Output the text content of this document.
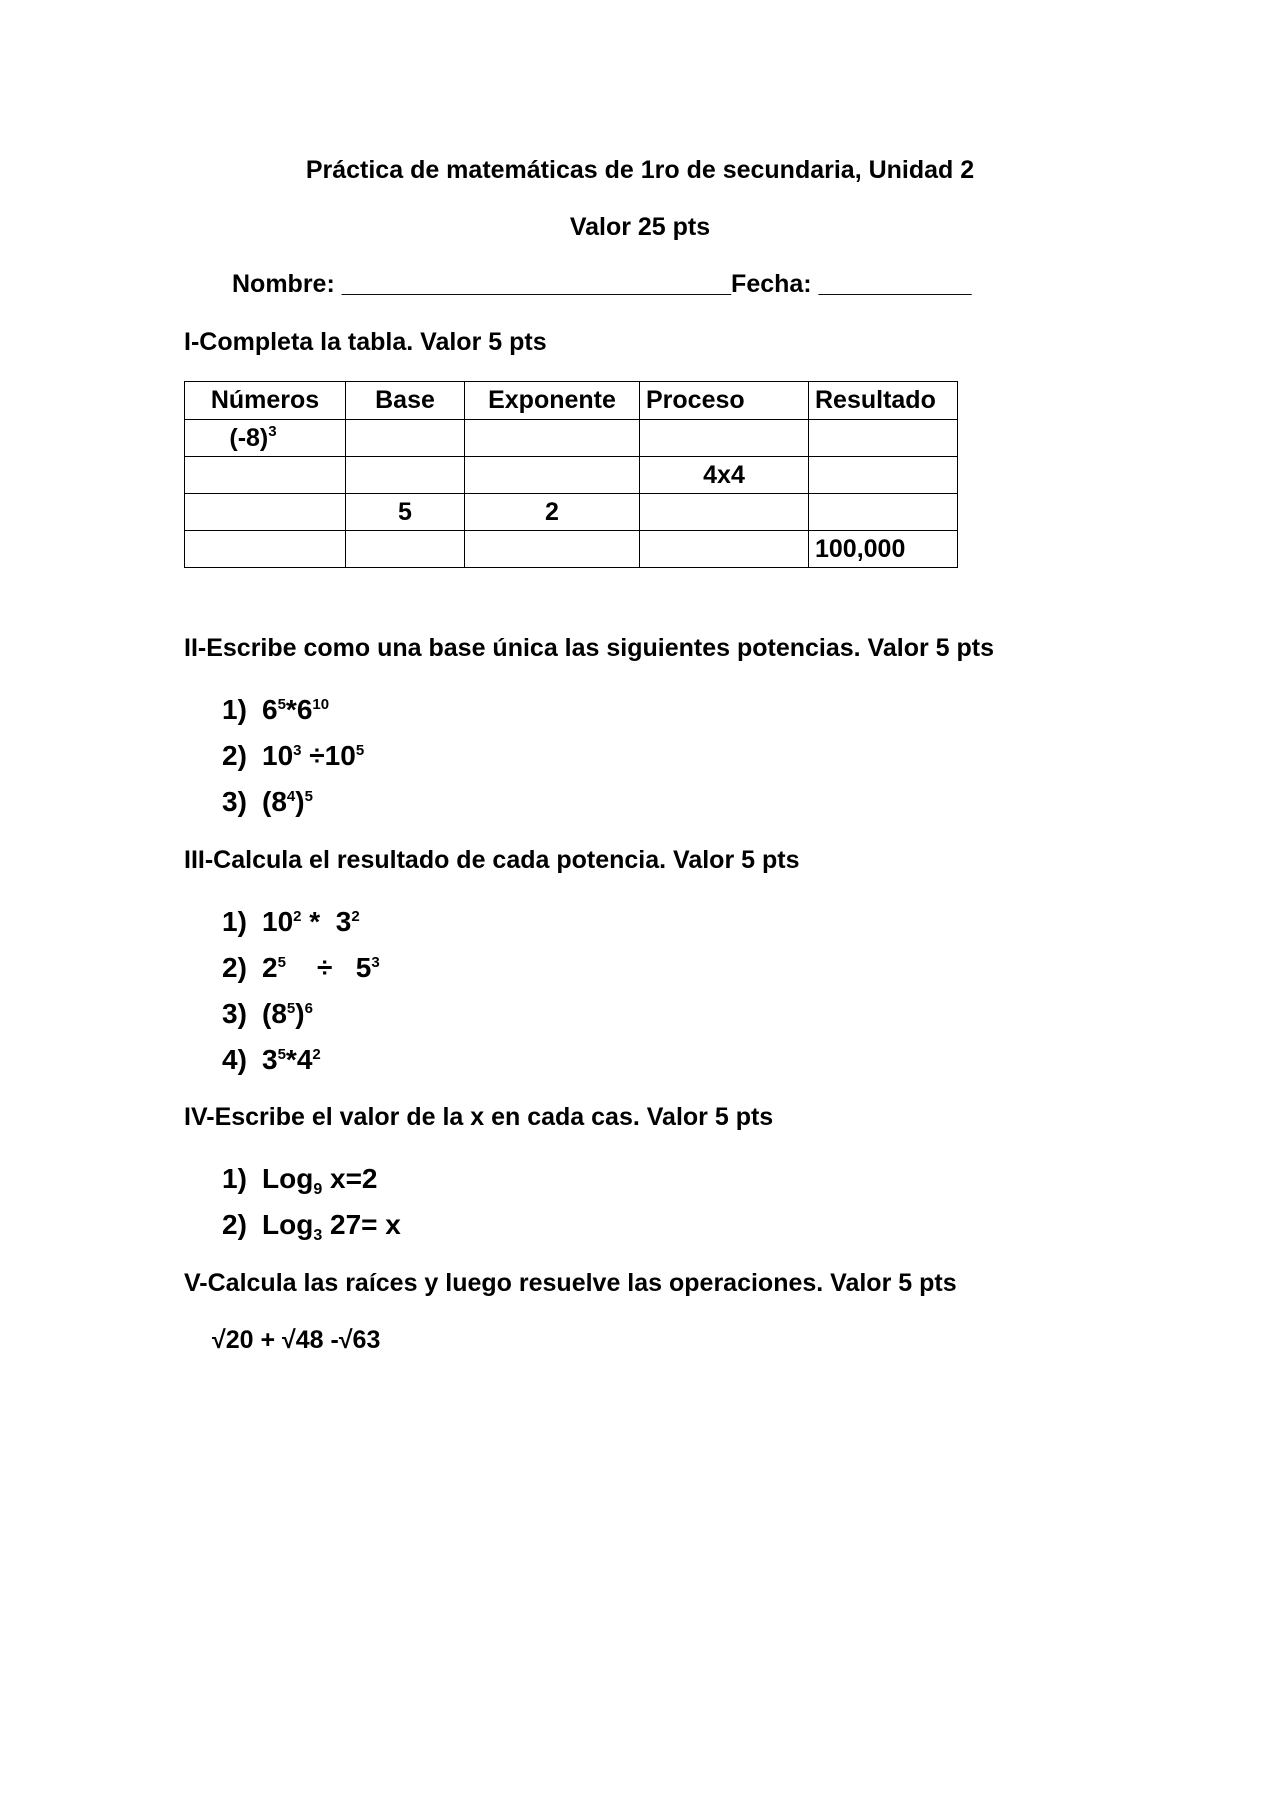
Práctica de matemáticas de 1ro de secundaria, Unidad 2
Valor 25 pts
Nombre: ____________________________Fecha: ___________
I-Completa la tabla. Valor 5 pts
Números	Base	Exponente	Proceso	Resultado
$(-8)^3$				
			4x4	
	5	2		
				100,000
II-Escribe como una base única las siguientes potencias. Valor 5 pts
1) $6^5*6^{10}$
2) $10^3 \div 10^5$
3) $(8^4)^5$
III-Calcula el resultado de cada potencia. Valor 5 pts
1) $10^2 * 3^2$
2) $2^5$    ÷   $5^3$
3) $(8^5)^6$
4) $3^5*4^2$
IV-Escribe el valor de la x en cada cas. Valor 5 pts
1) Log$_9$ x=2
2) Log$_3$ 27= x
V-Calcula las raíces y luego resuelve las operaciones. Valor 5 pts
√20 + √48 -√63
